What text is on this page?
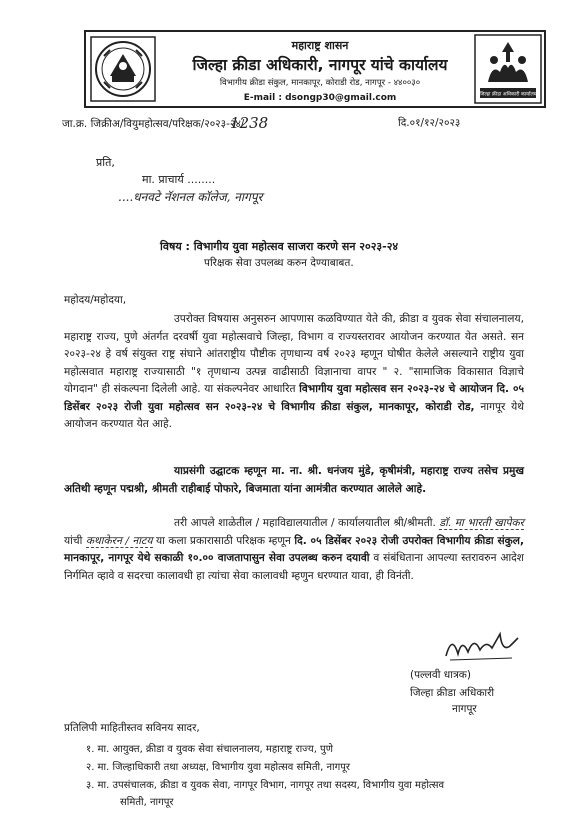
जिल्हा क्रीडा अधिकारी कार्यालय
महाराष्ट्र शासन
जिल्हा क्रीडा अधिकारी, नागपूर यांचे कार्यालय
विभागीय क्रीडा संकुल, मानकापूर, कोराडी रोड, नागपूर - ४४००३०
E-mail : dsongp30@gmail.com
जा.क्र. जिक्रीअ/वियुमहोत्सव/परिक्षक/२०२३-२४/
1238	दि.०१/१२/२०२३
प्रति,
मा. प्राचार्य ........
....धनवटे नॅशनल कॉलेज, नागपूर
विषय : विभागीय युवा महोत्सव साजरा करणे सन २०२३-२४
परिक्षक सेवा उपलब्ध करुन देण्याबाबत.
महोदय/महोदया,
उपरोक्त विषयास अनुसरुन आपणास कळविण्यात येते की, क्रीडा व युवक सेवा संचालनालय, महाराष्ट्र राज्य, पुणे अंतर्गत दरवर्षी युवा महोत्सवाचे जिल्हा, विभाग व राज्यस्तरावर आयोजन करण्यात येत असते. सन २०२३-२४ हे वर्ष संयुक्त राष्ट्र संघाने आंतराष्ट्रीय पौष्टीक तृणधान्य वर्ष २०२३ म्हणून घोषीत केलेले असल्याने राष्ट्रीय युवा महोत्सवात महाराष्ट्र राज्यासाठी "१ तृणधान्य उत्पन्न वाढीसाठी विज्ञानाचा वापर " २. "सामाजिक विकासात विज्ञाचे योगदान" ही संकल्पना दिलेली आहे. या संकल्पनेवर आधारित विभागीय युवा महोत्सव सन २०२३-२४ चे आयोजन दि. ०५ डिसेंबर २०२३ रोजी युवा महोत्सव सन २०२३-२४ चे विभागीय क्रीडा संकुल, मानकापूर, कोराडी रोड, नागपूर येथे आयोजन करण्यात येत आहे.
याप्रसंगी उद्घाटक म्हणून मा. ना. श्री. धनंजय मुंडे, कृषीमंत्री, महाराष्ट्र राज्य तसेच प्रमुख अतिथी म्हणून पद्मश्री, श्रीमती राहीबाई पोफारे, बिजमाता यांना आमंत्रीत करण्यात आलेले आहे.
तरी आपले शाळेतील / महाविद्यालयातील / कार्यालयातील श्री/श्रीमती. डॉ. मा भारती खापेकर यांची कथाकेरन / नाटय या कला प्रकारासाठी परिक्षक म्हणून दि. ०५ डिसेंबर २०२३ रोजी उपरोक्त विभागीय क्रीडा संकुल, मानकापूर, नागपूर येथे सकाळी १०.०० वाजतापासुन सेवा उपलब्ध करुन दयावी व संबंधिताना आपल्या स्तरावरुन आदेश निर्गमित व्हावे व सदरचा कालावधी हा त्यांचा सेवा कालावधी म्हणुन धरण्यात यावा, ही विनंती.
(पल्लवी धात्रक)
जिल्हा क्रीडा अधिकारी
नागपूर
प्रतिलिपी माहितीस्तव सविनय सादर,
१. मा. आयुक्त, क्रीडा व युवक सेवा संचालनालय, महाराष्ट्र राज्य, पुणे
२. मा. जिल्हाधिकारी तथा अध्यक्ष, विभागीय युवा महोत्सव समिती, नागपूर
३. मा. उपसंचालक, क्रीडा व युवक सेवा, नागपूर विभाग, नागपूर तथा सदस्य, विभागीय युवा महोत्सव
समिती, नागपूर
